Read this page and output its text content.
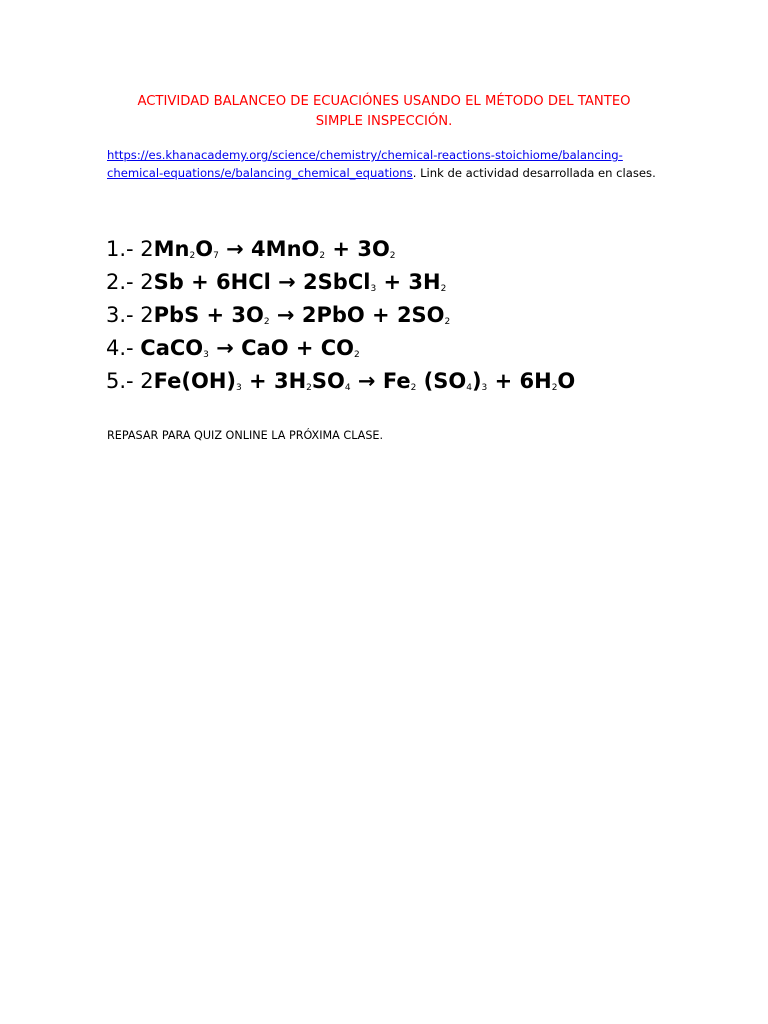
ACTIVIDAD BALANCEO DE ECUACIÓNES USANDO EL MÉTODO DEL TANTEO
SIMPLE INSPECCIÓN.
https://es.khanacademy.org/science/chemistry/chemical-reactions-stoichiome/balancing-
chemical-equations/e/balancing_chemical_equations. Link de actividad desarrollada en clases.
1.- $2Mn_2O_7 \to 4MnO_2 + 3O_2$
2.- 2Sb + 6HCl → 2SbCl$_3$ + $3H_2$
3.- $2PbS + 3O_2 \to 2PbO + 2SO_2$
4.- CaCO$_3$ → CaO + $CO_2$
5.- $2Fe(OH)_3 + 3H_2SO_4 \to Fe_2$ $(SO_4)_3 + 6H_2O$
REPASAR PARA QUIZ ONLINE LA PRÓXIMA CLASE.
